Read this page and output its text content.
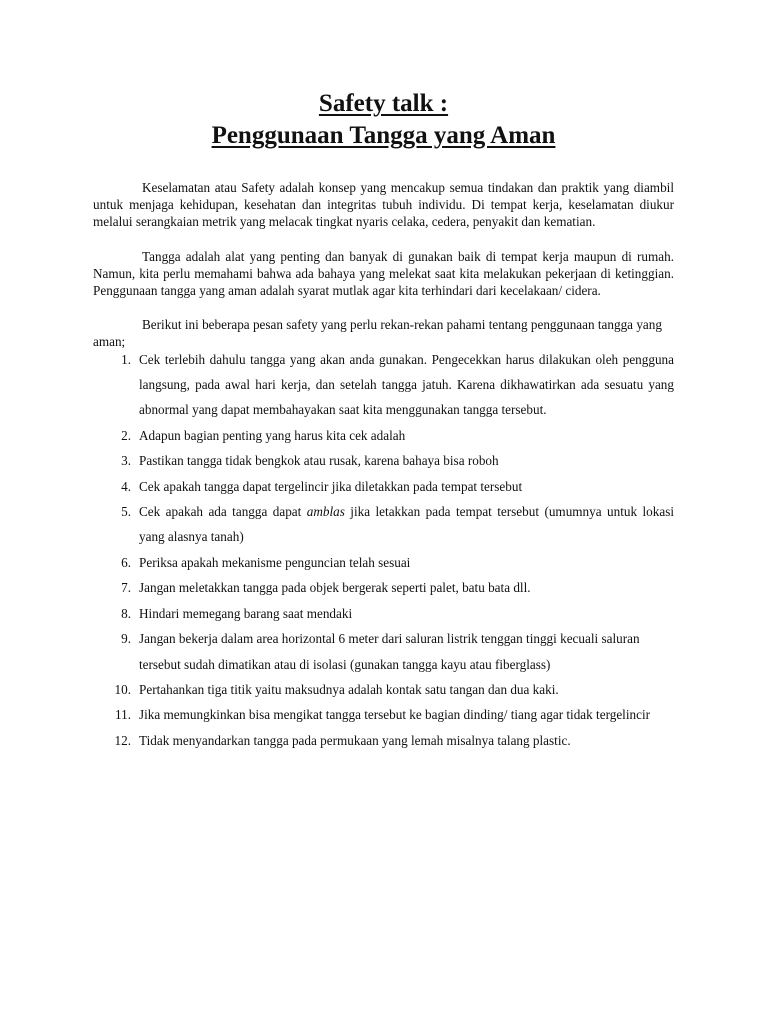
Safety talk :
Penggunaan Tangga yang Aman

Keselamatan atau Safety adalah konsep yang mencakup semua tindakan dan praktik yang diambil untuk menjaga kehidupan, kesehatan dan integritas tubuh individu. Di tempat kerja, keselamatan diukur melalui serangkaian metrik yang melacak tingkat nyaris celaka, cedera, penyakit dan kematian.

Tangga adalah alat yang penting dan banyak di gunakan baik di tempat kerja maupun di rumah. Namun, kita perlu memahami bahwa ada bahaya yang melekat saat kita melakukan pekerjaan di ketinggian. Penggunaan tangga yang aman adalah syarat mutlak agar kita terhindari dari kecelakaan/ cidera.

Berikut ini beberapa pesan safety yang perlu rekan-rekan pahami tentang penggunaan tangga yang aman;

1. Cek terlebih dahulu tangga yang akan anda gunakan. Pengecekkan harus dilakukan oleh pengguna langsung, pada awal hari kerja, dan setelah tangga jatuh. Karena dikhawatirkan ada sesuatu yang abnormal yang dapat membahayakan saat kita menggunakan tangga tersebut.
2. Adapun bagian penting yang harus kita cek adalah
3. Pastikan tangga tidak bengkok atau rusak, karena bahaya bisa roboh
4. Cek apakah tangga dapat tergelincir jika diletakkan pada tempat tersebut
5. Cek apakah ada tangga dapat amblas jika letakkan pada tempat tersebut (umumnya untuk lokasi yang alasnya tanah)
6. Periksa apakah mekanisme penguncian telah sesuai
7. Jangan meletakkan tangga pada objek bergerak seperti palet, batu bata dll.
8. Hindari memegang barang saat mendaki
9. Jangan bekerja dalam area horizontal 6 meter dari saluran listrik tenggan tinggi kecuali saluran tersebut sudah dimatikan atau di isolasi (gunakan tangga kayu atau fiberglass)
10. Pertahankan tiga titik yaitu maksudnya adalah kontak satu tangan dan dua kaki.
11. Jika memungkinkan bisa mengikat tangga tersebut ke bagian dinding/ tiang agar tidak tergelincir
12. Tidak menyandarkan tangga pada permukaan yang lemah misalnya talang plastic.
